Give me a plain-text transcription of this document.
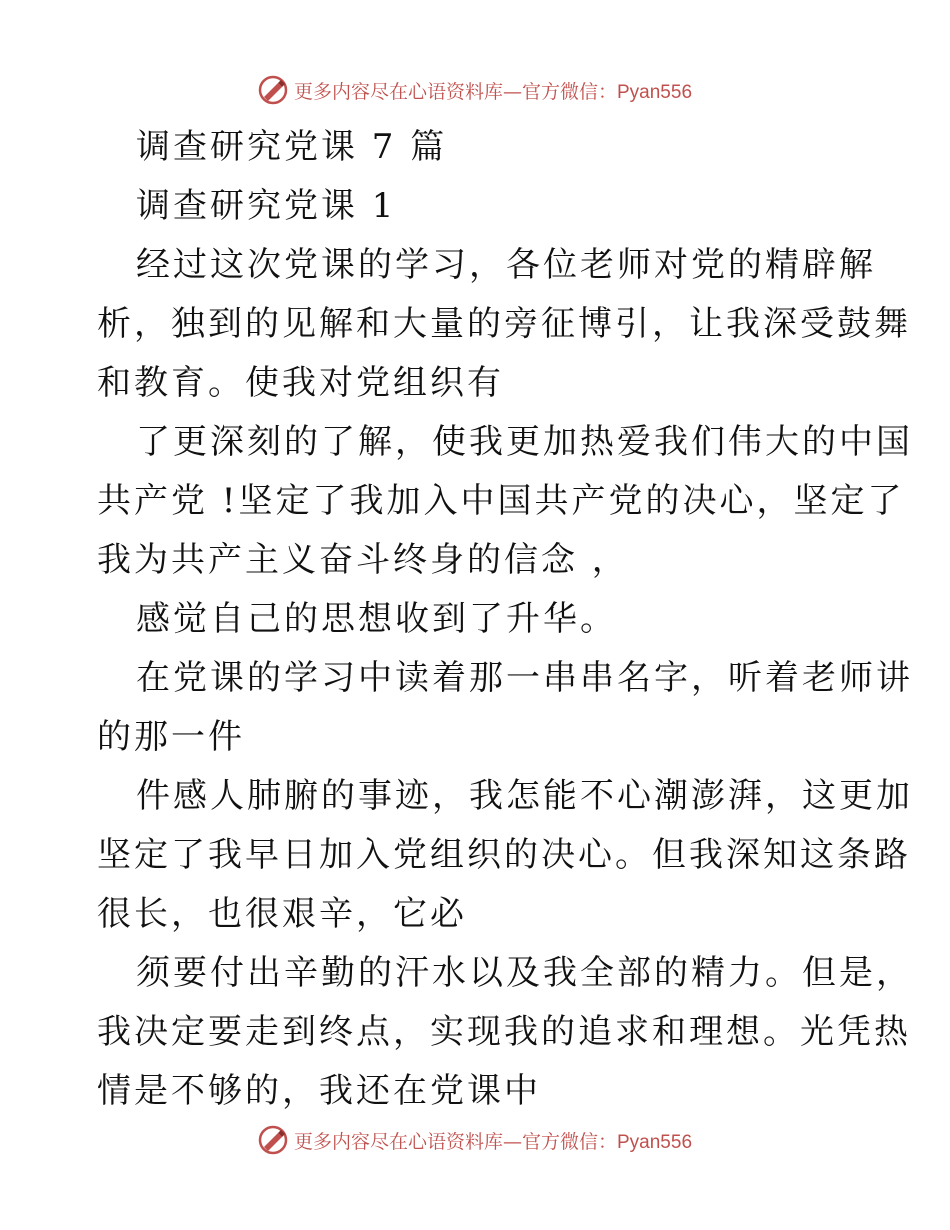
更多内容尽在心语资料库—官方微信：Pyan556
调查研究党课 7 篇
调查研究党课 1
经过这次党课的学习，各位老师对党的精辟解
析，独到的见解和大量的旁征博引，让我深受鼓舞
和教育。使我对党组织有
了更深刻的了解，使我更加热爱我们伟大的中国
共产党 !坚定了我加入中国共产党的决心，坚定了
我为共产主义奋斗终身的信念 ，
感觉自己的思想收到了升华。
在党课的学习中读着那一串串名字，听着老师讲
的那一件
件感人肺腑的事迹，我怎能不心潮澎湃，这更加
坚定了我早日加入党组织的决心。但我深知这条路
很长，也很艰辛，它必
须要付出辛勤的汗水以及我全部的精力。但是，
我决定要走到终点，实现我的追求和理想。光凭热
情是不够的，我还在党课中
更多内容尽在心语资料库—官方微信：Pyan556
